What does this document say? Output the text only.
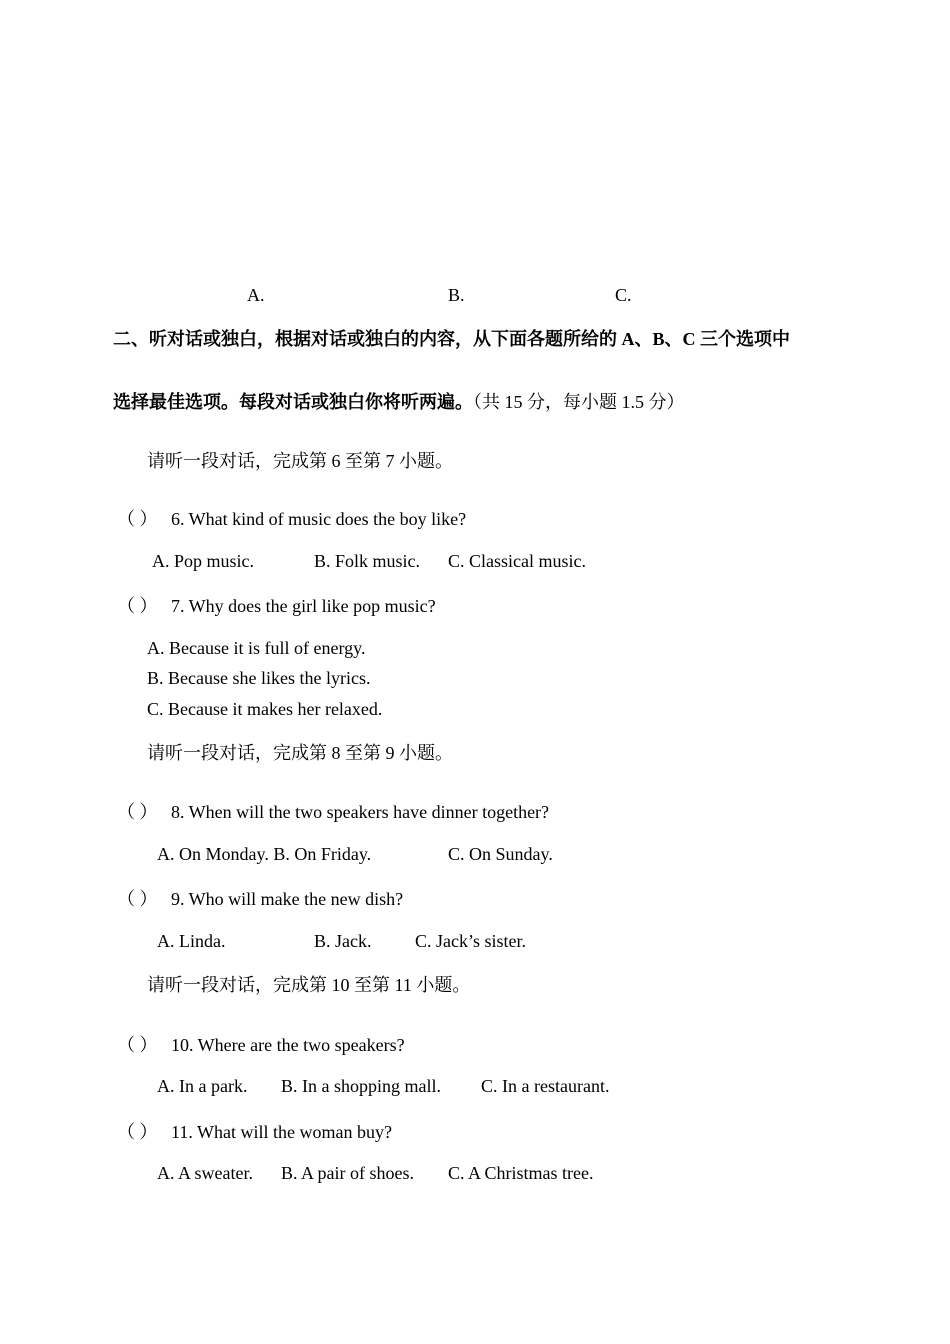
A.	B.	C.
二、听对话或独白，根据对话或独白的内容，从下面各题所给的 A、B、C 三个选项中
选择最佳选项。每段对话或独白你将听两遍。（共 15 分，每小题 1.5 分）
请听一段对话，完成第 6 至第 7 小题。
（ ） 6. What kind of music does the boy like?
A. Pop music.	B. Folk music. C. Classical music.
（ ） 7. Why does the girl like pop music?
A. Because it is full of energy.
B. Because she likes the lyrics.
C. Because it makes her relaxed.
请听一段对话，完成第 8 至第 9 小题。
（ ） 8. When will the two speakers have dinner together?
A. On Monday. B. On Friday.	C. On Sunday.
（ ） 9. Who will make the new dish?
A. Linda.	B. Jack. C. Jack’s sister.
请听一段对话，完成第 10 至第 11 小题。
（ ） 10. Where are the two speakers?
A. In a park. B. In a shopping mall. C. In a restaurant.
（ ） 11. What will the woman buy?
A. A sweater. B. A pair of shoes. C. A Christmas tree.
